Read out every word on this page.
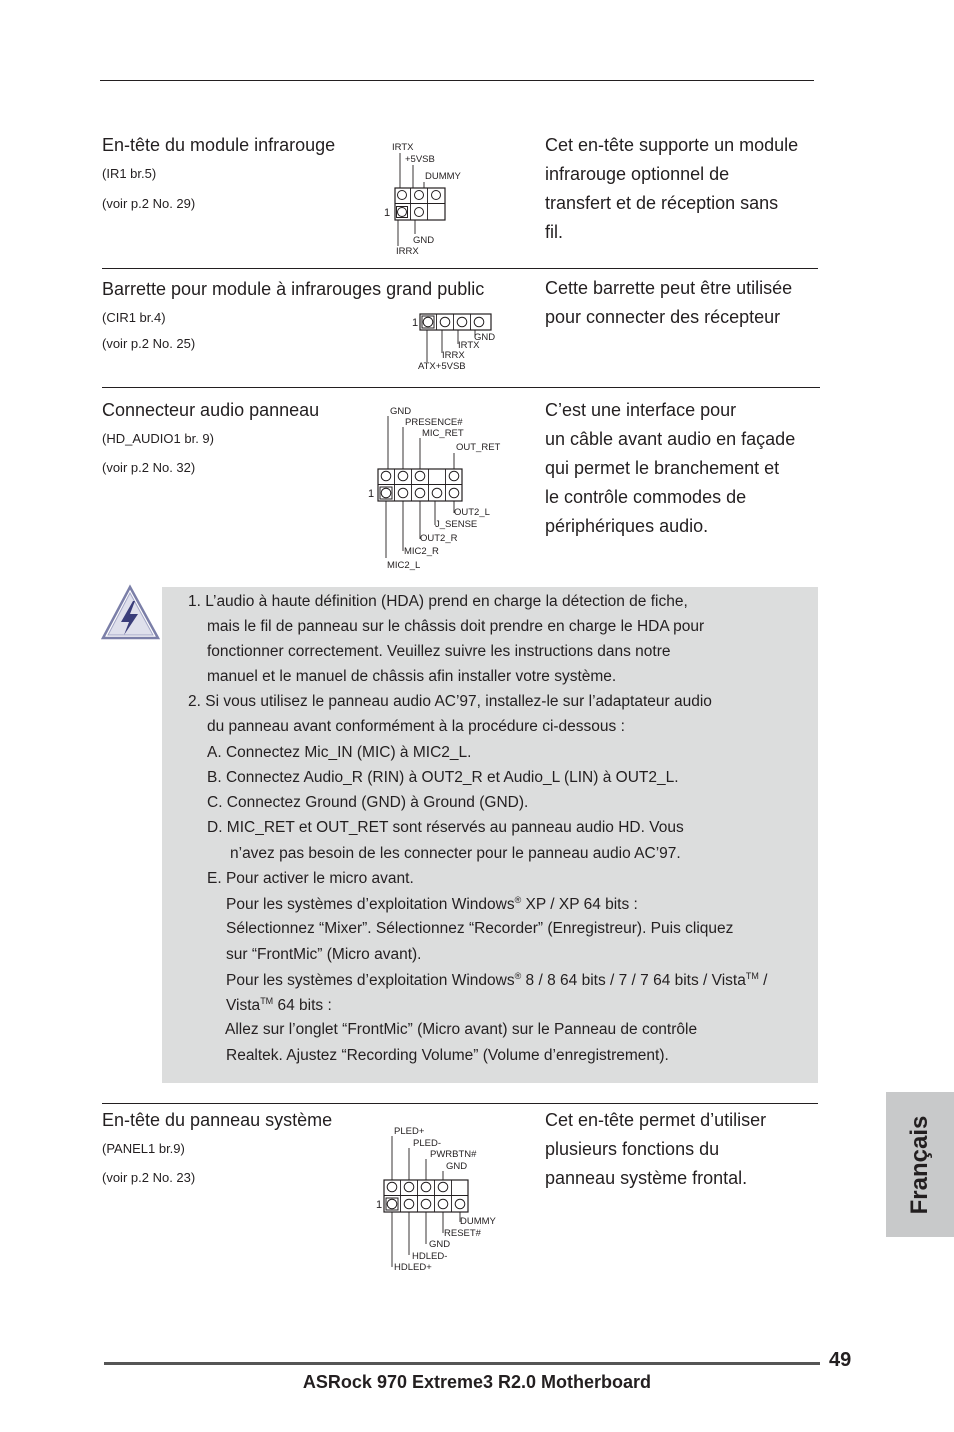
En-tête du module infrarouge
(IR1 br.5)
(voir p.2 No. 29)
Cet en-tête supporte un module
infrarouge optionnel de
transfert et de réception sans
fil.
IRTX
+5VSB
DUMMY
1
GND
IRRX
Barrette pour module à infrarouges grand public
(CIR1 br.4)
(voir p.2 No. 25)
Cette barrette peut être utilisée
pour connecter des récepteur
1
GND
IRTX
IRRX
ATX+5VSB
Connecteur audio panneau
(HD_AUDIO1 br. 9)
(voir p.2 No. 32)
C’est une interface pour
un câble avant audio en façade
qui permet le branchement et
le contrôle commodes de
périphériques audio.
GND
PRESENCE#
MIC_RET
OUT_RET
1
OUT2_L
J_SENSE
OUT2_R
MIC2_R
MIC2_L
1. L’audio à haute définition (HDA) prend en charge la détection de fiche,
mais le fil de panneau sur le châssis doit prendre en charge le HDA pour
fonctionner correctement. Veuillez suivre les instructions dans notre
manuel et le manuel de châssis afin installer votre système.
2. Si vous utilisez le panneau audio AC’97, installez-le sur l’adaptateur audio
du panneau avant conformément à la procédure ci-dessous :
A. Connectez Mic_IN (MIC) à MIC2_L.
B. Connectez Audio_R (RIN) à OUT2_R et Audio_L (LIN) à OUT2_L.
C. Connectez Ground (GND) à Ground (GND).
D. MIC_RET et OUT_RET sont réservés au panneau audio HD. Vous
n’avez pas besoin de les connecter pour le panneau audio AC’97.
E. Pour activer le micro avant.
Pour les systèmes d’exploitation Windows® XP / XP 64 bits :
Sélectionnez “Mixer”. Sélectionnez “Recorder” (Enregistreur). Puis cliquez
sur “FrontMic” (Micro avant).
Pour les systèmes d’exploitation Windows® 8 / 8 64 bits / 7 / 7 64 bits / Vista™ /
Vista™ 64 bits :
Allez sur l’onglet “FrontMic” (Micro avant) sur le Panneau de contrôle
Realtek. Ajustez “Recording Volume” (Volume d’enregistrement).
En-tête du panneau système
(PANEL1 br.9)
(voir p.2 No. 23)
Cet en-tête permet d’utiliser
plusieurs fonctions du
panneau système frontal.
PLED+
PLED-
PWRBTN#
GND
1
DUMMY
RESET#
GND
HDLED-
HDLED+
Français
49
ASRock 970 Extreme3 R2.0 Motherboard
